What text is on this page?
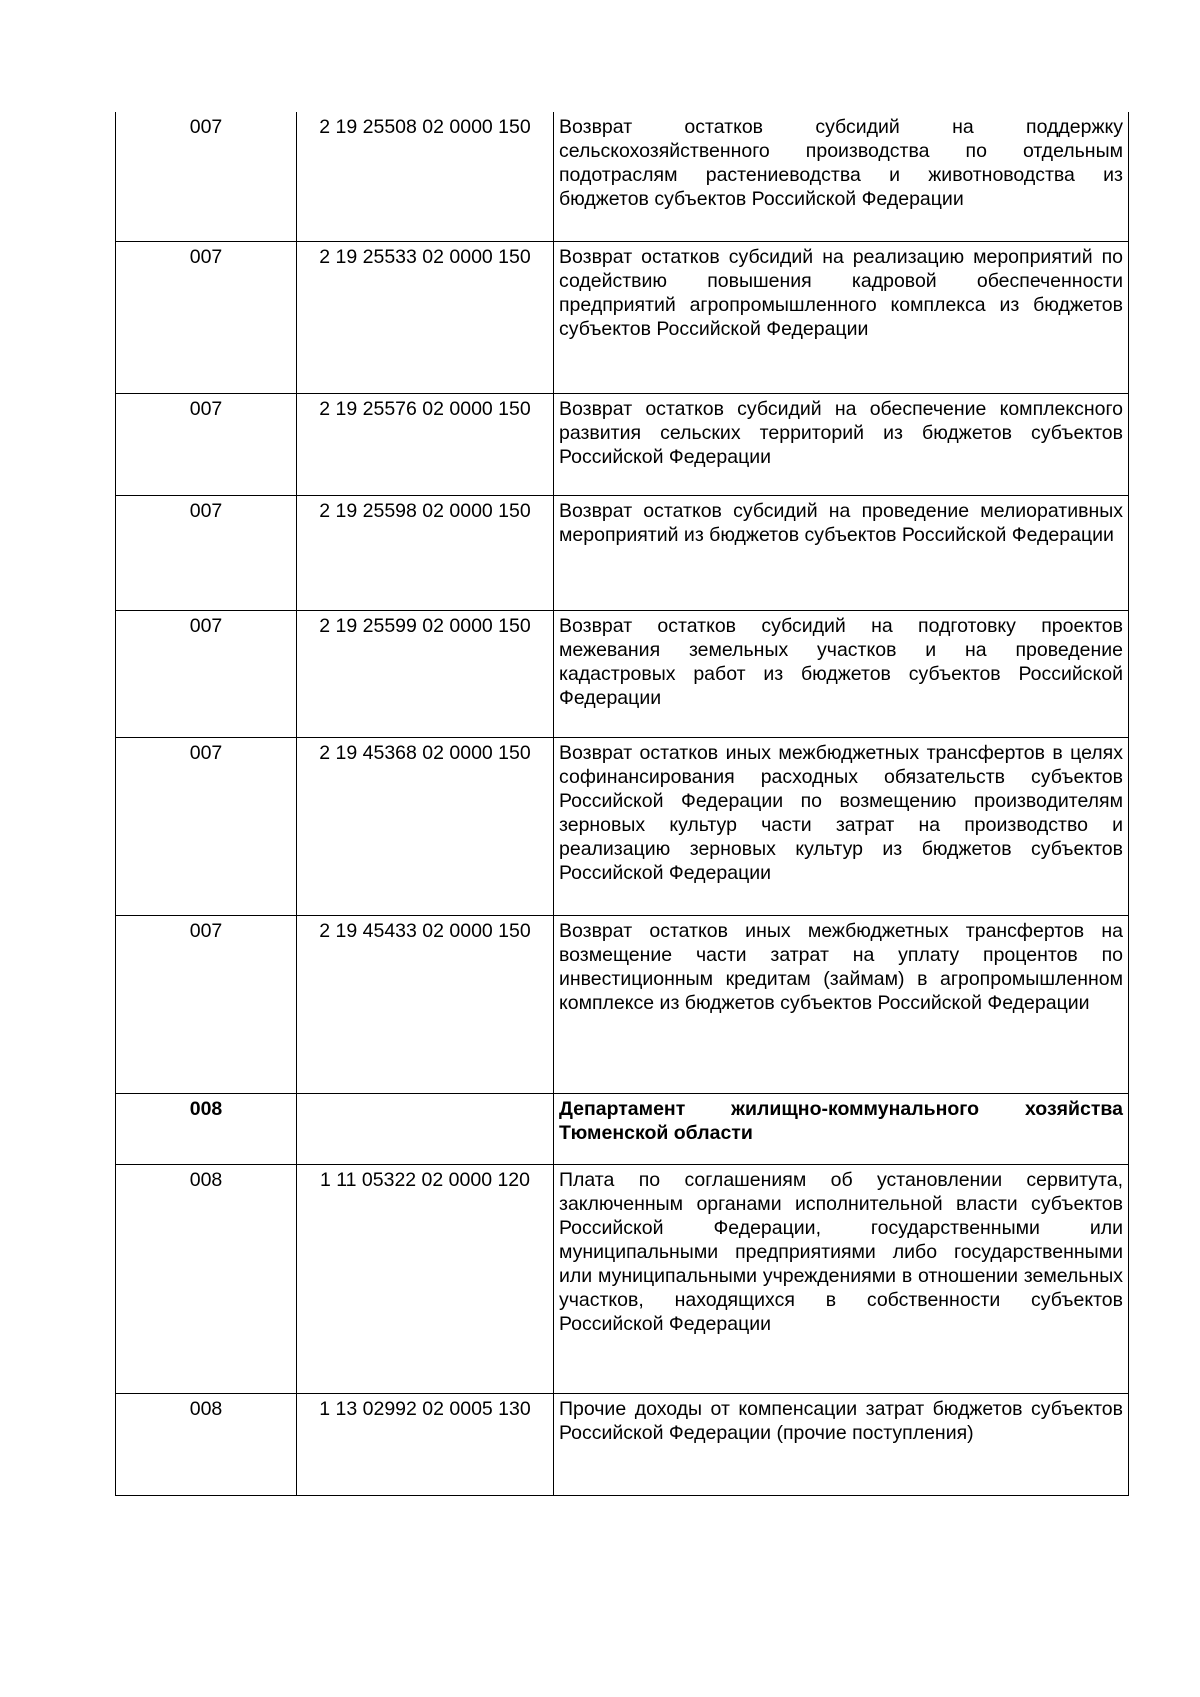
007	2 19 25508 02 0000 150	Возврат остатков субсидий на поддержку сельскохозяйственного производства по отдельным подотраслям растениеводства и животноводства из бюджетов субъектов Российской Федерации
007	2 19 25533 02 0000 150	Возврат остатков субсидий на реализацию мероприятий по содействию повышения кадровой обеспеченности предприятий агропромышленного комплекса из бюджетов субъектов Российской Федерации
007	2 19 25576 02 0000 150	Возврат остатков субсидий на обеспечение комплексного развития сельских территорий из бюджетов субъектов Российской Федерации
007	2 19 25598 02 0000 150	Возврат остатков субсидий на проведение мелиоративных мероприятий из бюджетов субъектов Российской Федерации
007	2 19 25599 02 0000 150	Возврат остатков субсидий на подготовку проектов межевания земельных участков и на проведение кадастровых работ из бюджетов субъектов Российской Федерации
007	2 19 45368 02 0000 150	Возврат остатков иных межбюджетных трансфертов в целях софинансирования расходных обязательств субъектов Российской Федерации по возмещению производителям зерновых культур части затрат на производство и реализацию зерновых культур из бюджетов субъектов Российской Федерации
007	2 19 45433 02 0000 150	Возврат остатков иных межбюджетных трансфертов на возмещение части затрат на уплату процентов по инвестиционным кредитам (займам) в агропромышленном комплексе из бюджетов субъектов Российской Федерации
008		Департамент жилищно-коммунального хозяйства Тюменской области
008	1 11 05322 02 0000 120	Плата по соглашениям об установлении сервитута, заключенным органами исполнительной власти субъектов Российской Федерации, государственными или муниципальными предприятиями либо государственными или муниципальными учреждениями в отношении земельных участков, находящихся в собственности субъектов Российской Федерации
008	1 13 02992 02 0005 130	Прочие доходы от компенсации затрат бюджетов субъектов Российской Федерации (прочие поступления)
